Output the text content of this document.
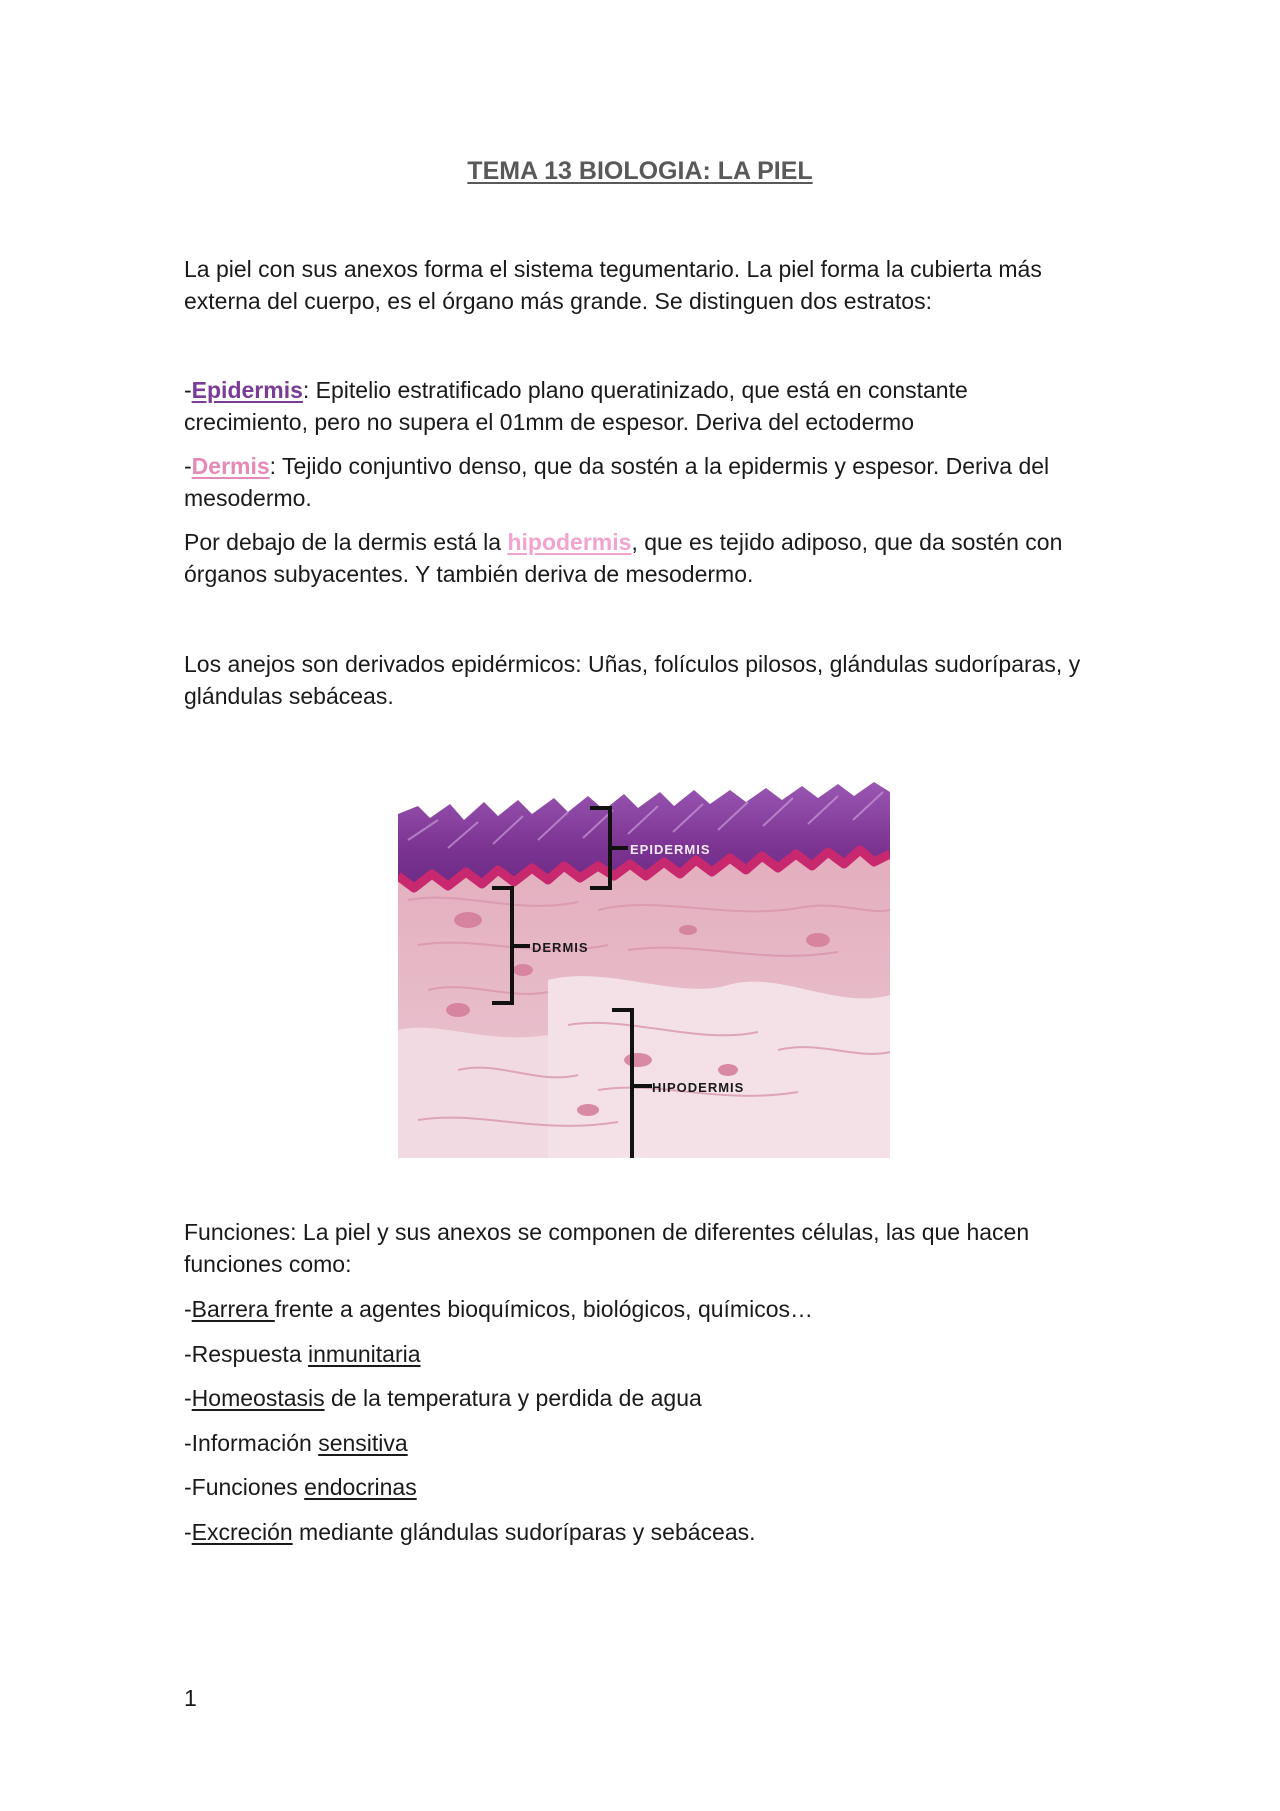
TEMA 13 BIOLOGIA: LA PIEL

La piel con sus anexos forma el sistema tegumentario. La piel forma la cubierta más
externa del cuerpo, es el órgano más grande. Se distinguen dos estratos:

-Epidermis: Epitelio estratificado plano queratinizado, que está en constante
crecimiento, pero no supera el 01mm de espesor. Deriva del ectodermo

-Dermis: Tejido conjuntivo denso, que da sostén a la epidermis y espesor. Deriva del
mesodermo.

Por debajo de la dermis está la hipodermis, que es tejido adiposo, que da sostén con
órganos subyacentes. Y también deriva de mesodermo.

Los anejos son derivados epidérmicos: Uñas, folículos pilosos, glándulas sudoríparas, y
glándulas sebáceas.

EPIDERMIS
DERMIS
HIPODERMIS

Funciones: La piel y sus anexos se componen de diferentes células, las que hacen
funciones como:

-Barrera frente a agentes bioquímicos, biológicos, químicos…

-Respuesta inmunitaria

-Homeostasis de la temperatura y perdida de agua

-Información sensitiva

-Funciones endocrinas

-Excreción mediante glándulas sudoríparas y sebáceas.

1
